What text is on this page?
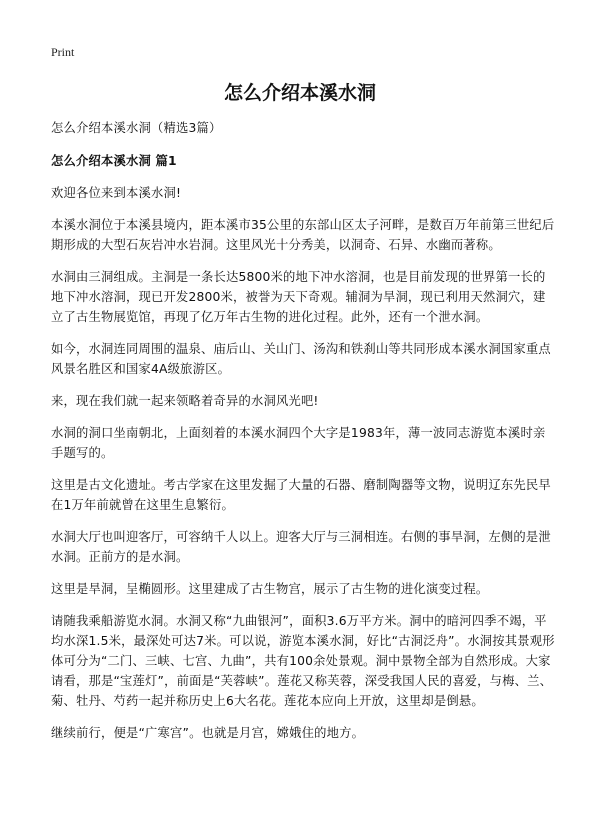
Print
怎么介绍本溪水洞

怎么介绍本溪水洞（精选3篇）

怎么介绍本溪水洞 篇1

欢迎各位来到本溪水洞!

本溪水洞位于本溪县境内，距本溪市35公里的东部山区太子河畔，是数百万年前第三世纪后期形成的大型石灰岩冲水岩洞。这里风光十分秀美，以洞奇、石异、水幽而著称。

水洞由三洞组成。主洞是一条长达5800米的地下冲水溶洞，也是目前发现的世界第一长的地下冲水溶洞，现已开发2800米，被誉为天下奇观。辅洞为旱洞，现已利用天然洞穴，建立了古生物展览馆，再现了亿万年古生物的进化过程。此外，还有一个泄水洞。

如今，水洞连同周围的温泉、庙后山、关山门、汤沟和铁刹山等共同形成本溪水洞国家重点风景名胜区和国家4A级旅游区。

来，现在我们就一起来领略着奇异的水洞风光吧!

水洞的洞口坐南朝北，上面刻着的本溪水洞四个大字是1983年，薄一波同志游览本溪时亲手题写的。

这里是古文化遗址。考古学家在这里发掘了大量的石器、磨制陶器等文物，说明辽东先民早在1万年前就曾在这里生息繁衍。

水洞大厅也叫迎客厅，可容纳千人以上。迎客大厅与三洞相连。右侧的事旱洞，左侧的是泄水洞。正前方的是水洞。

这里是旱洞，呈椭圆形。这里建成了古生物宫，展示了古生物的进化演变过程。

请随我乘船游览水洞。水洞又称“九曲银河”，面积3.6万平方米。洞中的暗河四季不竭，平均水深1.5米，最深处可达7米。可以说，游览本溪水洞，好比“古洞泛舟”。水洞按其景观形体可分为“二门、三峡、七宫、九曲”，共有100余处景观。洞中景物全部为自然形成。大家请看，那是“宝莲灯”，前面是“芙蓉峡”。莲花又称芙蓉，深受我国人民的喜爱，与梅、兰、菊、牡丹、芍药一起并称历史上6大名花。莲花本应向上开放，这里却是倒悬。

继续前行，便是“广寒宫”。也就是月宫，嫦娥住的地方。
